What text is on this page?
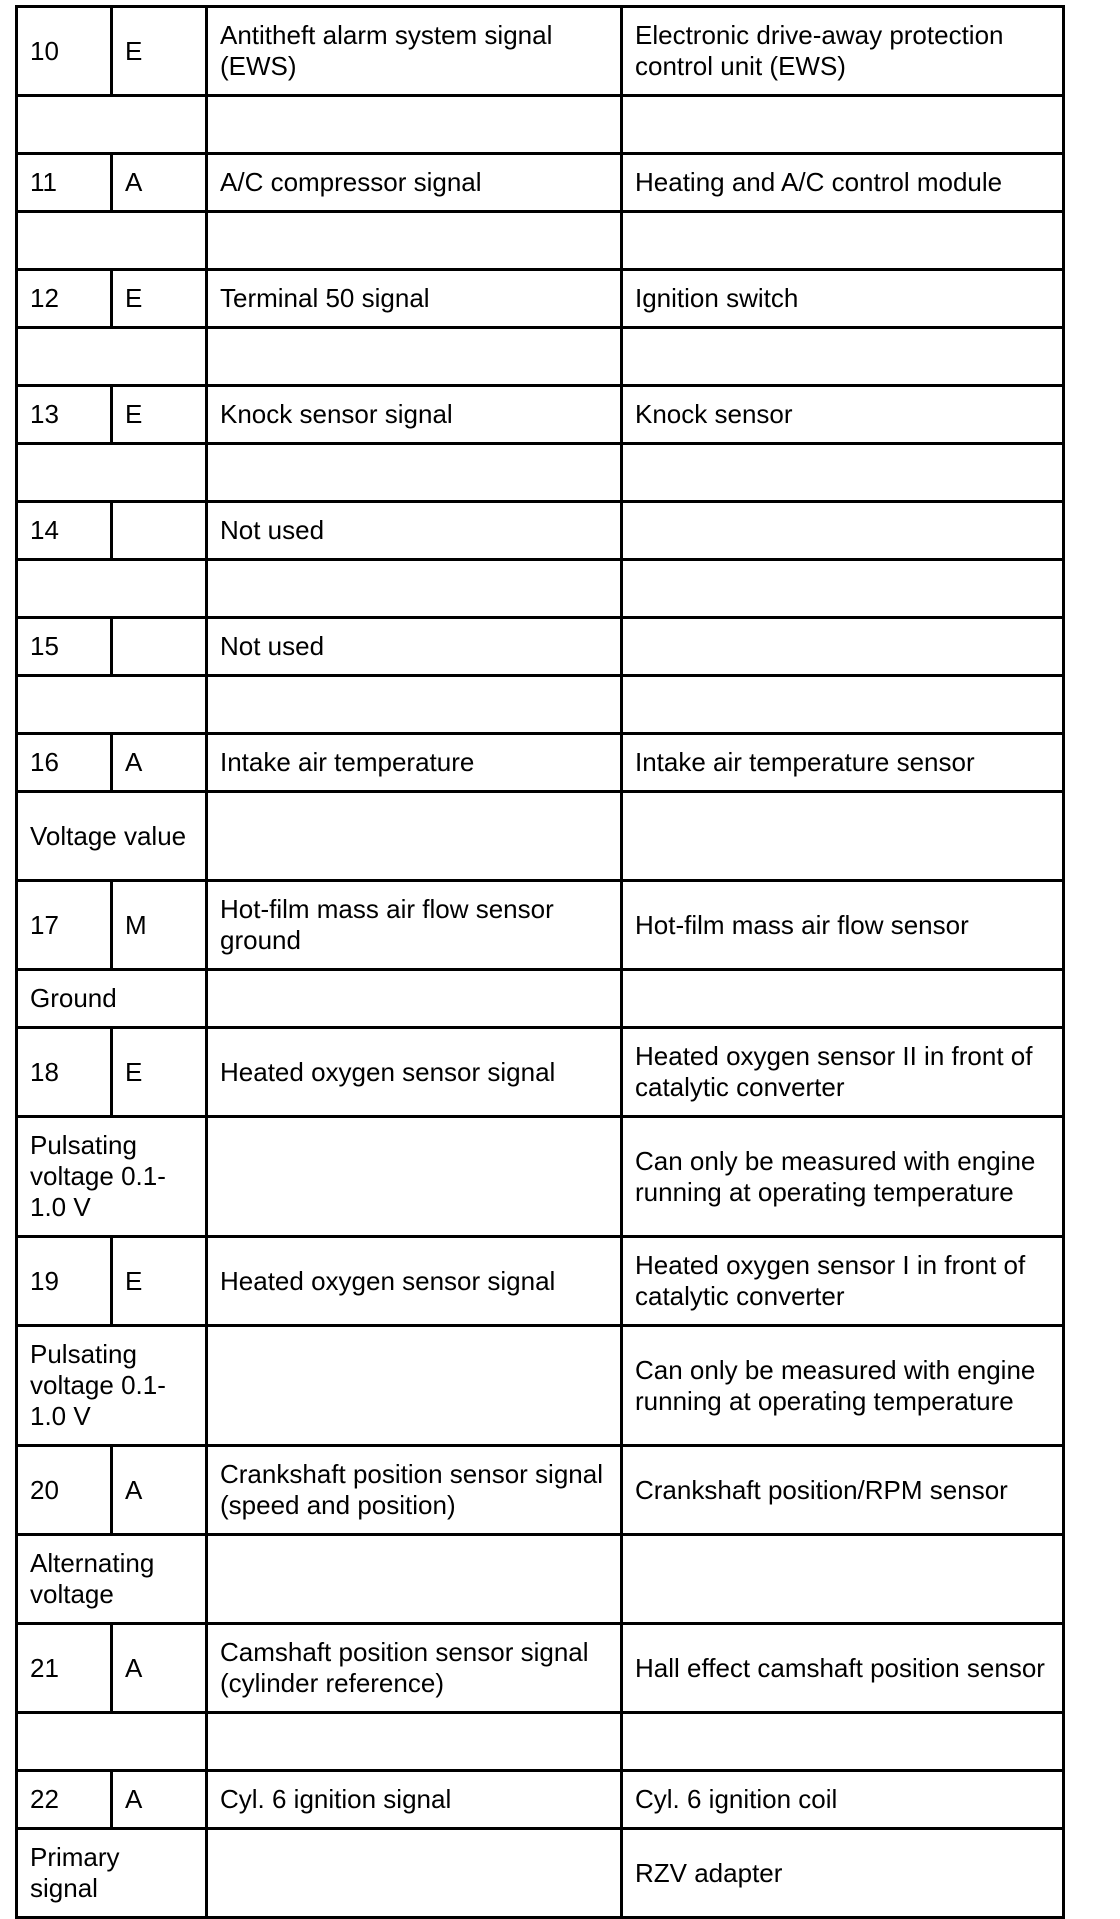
10	E	Antitheft alarm system signal (EWS)	Electronic drive-away protection control unit (EWS)

11	A	A/C compressor signal	Heating and A/C control module

12	E	Terminal 50 signal	Ignition switch

13	E	Knock sensor signal	Knock sensor

14		Not used	

15		Not used	

16	A	Intake air temperature	Intake air temperature sensor
Voltage value			
17	M	Hot-film mass air flow sensor ground	Hot-film mass air flow sensor
Ground			
18	E	Heated oxygen sensor signal	Heated oxygen sensor II in front of catalytic converter
Pulsating voltage 0.1-1.0 V			Can only be measured with engine running at operating temperature
19	E	Heated oxygen sensor signal	Heated oxygen sensor I in front of catalytic converter
Pulsating voltage 0.1-1.0 V			Can only be measured with engine running at operating temperature
20	A	Crankshaft position sensor signal (speed and position)	Crankshaft position/RPM sensor
Alternating voltage			
21	A	Camshaft position sensor signal (cylinder reference)	Hall effect camshaft position sensor

22	A	Cyl. 6 ignition signal	Cyl. 6 ignition coil
Primary signal			RZV adapter
